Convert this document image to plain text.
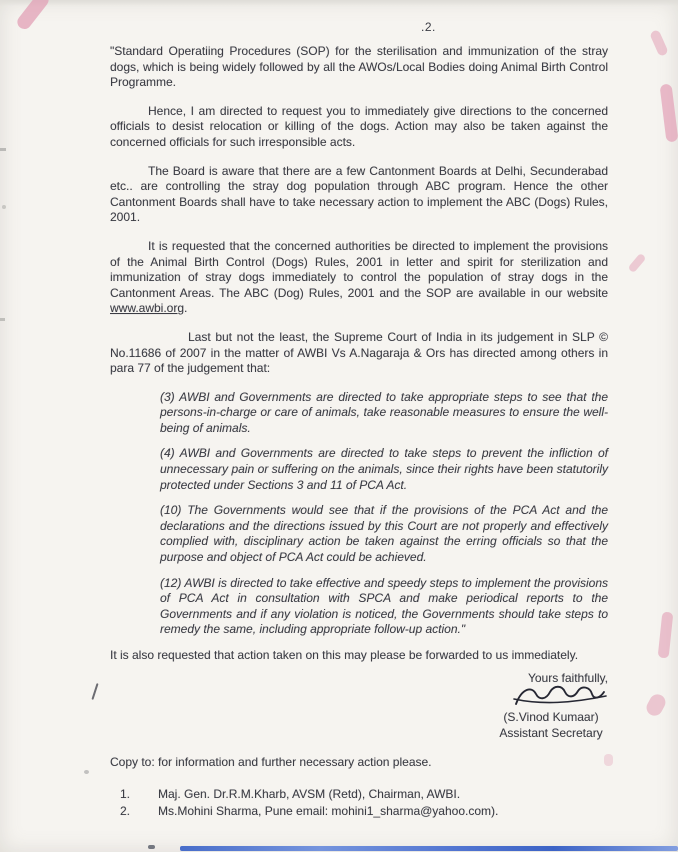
.2.

"Standard Operatiing Procedures (SOP) for the sterilisation and immunization of the stray dogs, which is being widely followed by all the AWOs/Local Bodies doing Animal Birth Control Programme.

Hence, I am directed to request you to immediately give directions to the concerned officials to desist relocation or killing of the dogs. Action may also be taken against the concerned officials for such irresponsible acts.

The Board is aware that there are a few Cantonment Boards at Delhi, Secunderabad etc.. are controlling the stray dog population through ABC program. Hence the other Cantonment Boards shall have to take necessary action to implement the ABC (Dogs) Rules, 2001.

It is requested that the concerned authorities be directed to implement the provisions of the Animal Birth Control (Dogs) Rules, 2001 in letter and spirit for sterilization and immunization of stray dogs immediately to control the population of stray dogs in the Cantonment Areas. The ABC (Dog) Rules, 2001 and the SOP are available in our website www.awbi.org.

Last but not the least, the Supreme Court of India in its judgement in SLP © No.11686 of 2007 in the matter of AWBI Vs A.Nagaraja & Ors has directed among others in para 77 of the judgement that:

(3) AWBI and Governments are directed to take appropriate steps to see that the persons-in-charge or care of animals, take reasonable measures to ensure the well-being of animals.

(4) AWBI and Governments are directed to take steps to prevent the infliction of unnecessary pain or suffering on the animals, since their rights have been statutorily protected under Sections 3 and 11 of PCA Act.

(10) The Governments would see that if the provisions of the PCA Act and the declarations and the directions issued by this Court are not properly and effectively complied with, disciplinary action be taken against the erring officials so that the purpose and object of PCA Act could be achieved.

(12) AWBI is directed to take effective and speedy steps to implement the provisions of PCA Act in consultation with SPCA and make periodical reports to the Governments and if any violation is noticed, the Governments should take steps to remedy the same, including appropriate follow-up action."

It is also requested that action taken on this may please be forwarded to us immediately.

Yours faithfully,
(S.Vinod Kumaar)
Assistant Secretary

Copy to: for information and further necessary action please.

1.	Maj. Gen. Dr.R.M.Kharb, AVSM (Retd), Chairman, AWBI.
2.	Ms.Mohini Sharma, Pune email: mohini1_sharma@yahoo.com).
